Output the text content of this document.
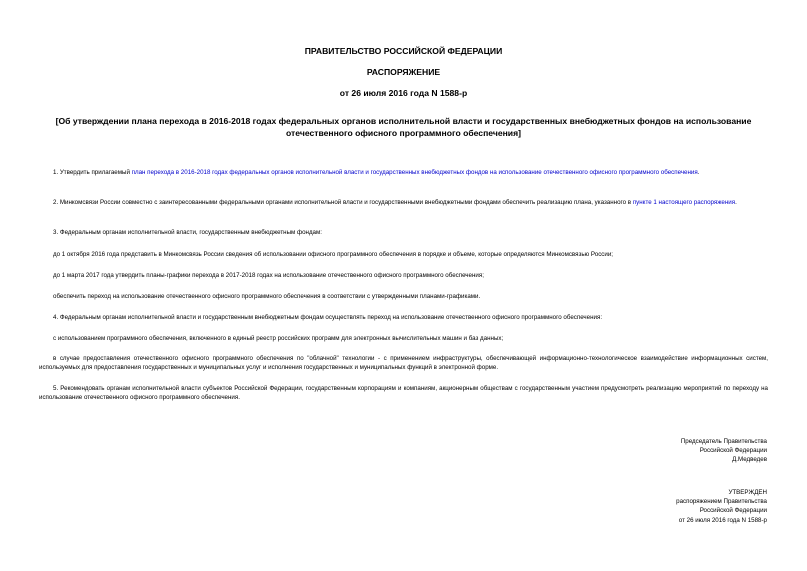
ПРАВИТЕЛЬСТВО РОССИЙСКОЙ ФЕДЕРАЦИИ
РАСПОРЯЖЕНИЕ
от 26 июля 2016 года N 1588-р
[Об утверждении плана перехода в 2016-2018 годах федеральных органов исполнительной власти и государственных внебюджетных фондов на использование отечественного офисного программного обеспечения]

1. Утвердить прилагаемый план перехода в 2016-2018 годах федеральных органов исполнительной власти и государственных внебюджетных фондов на использование отечественного офисного программного обеспечения.

2. Минкомсвязи России совместно с заинтересованными федеральными органами исполнительной власти и государственными внебюджетными фондами обеспечить реализацию плана, указанного в пункте 1 настоящего распоряжения.

3. Федеральным органам исполнительной власти, государственным внебюджетным фондам:

до 1 октября 2016 года представить в Минкомсвязь России сведения об использовании офисного программного обеспечения в порядке и объеме, которые определяются Минкомсвязью России;

до 1 марта 2017 года утвердить планы-графики перехода в 2017-2018 годах на использование отечественного офисного программного обеспечения;

обеспечить переход на использование отечественного офисного программного обеспечения в соответствии с утвержденными планами-графиками.

4. Федеральным органам исполнительной власти и государственным внебюджетным фондам осуществлять переход на использование отечественного офисного программного обеспечения:

с использованием программного обеспечения, включенного в единый реестр российских программ для электронных вычислительных машин и баз данных;

в случае предоставления отечественного офисного программного обеспечения по "облачной" технологии - с применением инфраструктуры, обеспечивающей информационно-технологическое взаимодействие информационных систем, используемых для предоставления государственных и муниципальных услуг и исполнения государственных и муниципальных функций в электронной форме.

5. Рекомендовать органам исполнительной власти субъектов Российской Федерации, государственным корпорациям и компаниям, акционерным обществам с государственным участием предусмотреть реализацию мероприятий по переходу на использование отечественного офисного программного обеспечения.

Председатель Правительства
Российской Федерации
Д.Медведев
УТВЕРЖДЕН
распоряжением Правительства
Российской Федерации
от 26 июля 2016 года N 1588-р
